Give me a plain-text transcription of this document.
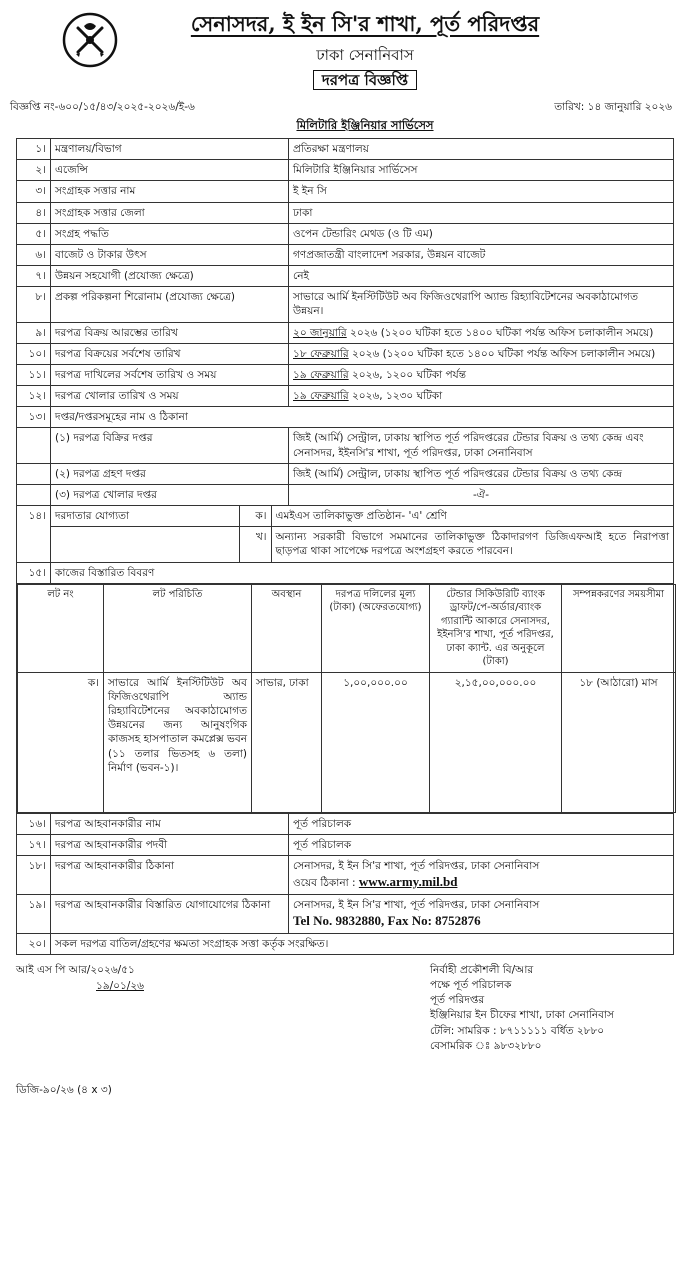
সেনাসদর, ই ইন সি'র শাখা, পূর্ত পরিদপ্তর
ঢাকা সেনানিবাস
দরপত্র বিজ্ঞপ্তি
বিজ্ঞপ্তি নং-৬০০/১৫/৪৩/২০২৫-২০২৬/ই-৬	তারিখ: ১৪ জানুয়ারি ২০২৬
মিলিটারি ইঞ্জিনিয়ার সার্ভিসেস
১।	মন্ত্রণালয়/বিভাগ	প্রতিরক্ষা মন্ত্রণালয়
২।	এজেন্সি	মিলিটারি ইঞ্জিনিয়ার সার্ভিসেস
৩।	সংগ্রাহক সত্তার নাম	ই ইন সি
৪।	সংগ্রাহক সত্তার জেলা	ঢাকা
৫।	সংগ্রহ পদ্ধতি	ওপেন টেন্ডারিং মেথড (ও টি এম)
৬।	বাজেট ও টাকার উৎস	গণপ্রজাতন্ত্রী বাংলাদেশ সরকার, উন্নয়ন বাজেট
৭।	উন্নয়ন সহযোগী (প্রযোজ্য ক্ষেত্রে)	নেই
৮।	প্রকল্প পরিকল্পনা শিরোনাম (প্রযোজ্য ক্ষেত্রে)	সাভারে আর্মি ইনস্টিটিউট অব ফিজিওথেরাপি অ্যান্ড রিহ্যাবিটেশনের অবকাঠামোগত উন্নয়ন।
৯।	দরপত্র বিক্রয় আরম্ভের তারিখ	২০ জানুয়ারি ২০২৬ (১২০০ ঘটিকা হতে ১৪০০ ঘটিকা পর্যন্ত অফিস চলাকালীন সময়ে)
১০।	দরপত্র বিক্রয়ের সর্বশেষ তারিখ	১৮ ফেব্রুয়ারি ২০২৬ (১২০০ ঘটিকা হতে ১৪০০ ঘটিকা পর্যন্ত অফিস চলাকালীন সময়ে)
১১।	দরপত্র দাখিলের সর্বশেষ তারিখ ও সময়	১৯ ফেব্রুয়ারি ২০২৬, ১২০০ ঘটিকা পর্যন্ত
১২।	দরপত্র খোলার তারিখ ও সময়	১৯ ফেব্রুয়ারি ২০২৬, ১২৩০ ঘটিকা
১৩।	দপ্তর/দপ্তরসমূহের নাম ও ঠিকানা
	(১) দরপত্র বিক্রির দপ্তর	জিই (আর্মি) সেন্ট্রাল, ঢাকায় স্থাপিত পূর্ত পরিদপ্তরের টেন্ডার বিক্রয় ও তথ্য কেন্দ্র এবং সেনাসদর, ইইনসি'র শাখা, পূর্ত পরিদপ্তর, ঢাকা সেনানিবাস
	(২) দরপত্র গ্রহণ দপ্তর	জিই (আর্মি) সেন্ট্রাল, ঢাকায় স্থাপিত পূর্ত পরিদপ্তরের টেন্ডার বিক্রয় ও তথ্য কেন্দ্র
	(৩) দরপত্র খোলার দপ্তর	-ঐ-
১৪।	দরদাতার যোগ্যতা	ক।	এমইএস তালিকাভুক্ত প্রতিষ্ঠান- 'এ' শ্রেণি

	খ।	অন্যান্য সরকারী বিভাগে সমমানের তালিকাভুক্ত ঠিকাদারগণ ডিজিএফআই হতে নিরাপত্তা ছাড়পত্র থাকা সাপেক্ষে দরপত্রে অংশগ্রহণ করতে পারবেন।

১৫।	কাজের বিস্তারিত বিবরণ

লট নং	লট পরিচিতি	অবস্থান	দরপত্র দলিলের মূল্য (টাকা) (অফেরতযোগ্য)	টেন্ডার সিকিউরিটি ব্যাংক ড্রাফট/পে-অর্ডার/ব্যাংক গ্যারান্টি আকারে সেনাসদর, ইইনসি'র শাখা, পূর্ত পরিদপ্তর, ঢাকা ক্যান্ট. এর অনুকূলে (টাকা)	সম্পন্নকরণের সময়সীমা
ক।	সাভারে আর্মি ইনস্টিটিউট অব ফিজিওথেরাপি অ্যান্ড রিহ্যাবিটেশনের অবকাঠামোগত উন্নয়নের জন্য আনুষংগিক কাজসহ হাসপাতাল কমপ্লেক্স ভবন (১১ তলার ভিতসহ ৬ তলা) নির্মাণ (ভবন-১)।	সাভার, ঢাকা	১,০০,০০০.০০	২,১৫,০০,০০০.০০	১৮ (আঠারো) মাস

১৬।	দরপত্র আহবানকারীর নাম	পূর্ত পরিচালক
১৭।	দরপত্র আহবানকারীর পদবী	পূর্ত পরিচালক
১৮।	দরপত্র আহবানকারীর ঠিকানা	সেনাসদর, ই ইন সি'র শাখা, পূর্ত পরিদপ্তর, ঢাকা সেনানিবাস
ওয়েব ঠিকানা : www.army.mil.bd

১৯।	দরপত্র আহবানকারীর বিস্তারিত যোগাযোগের ঠিকানা	সেনাসদর, ই ইন সি'র শাখা, পূর্ত পরিদপ্তর, ঢাকা সেনানিবাস
Tel No. 9832880, Fax No: 8752876

২০।	সকল দরপত্র বাতিল/গ্রহণের ক্ষমতা সংগ্রাহক সত্তা কর্তৃক সংরক্ষিত।
আই এস পি আর/২০২৬/৫১
১৯/০১/২৬
নির্বাহী প্রকৌশলী বি/আর
পক্ষে পূর্ত পরিচালক
পূর্ত পরিদপ্তর
ইঞ্জিনিয়ার ইন চীফের শাখা, ঢাকা সেনানিবাস
টেলি: সামরিক : ৮৭১১১১১ বর্ধিত ২৮৮০
বেসামরিক ঃ ৯৮৩২৮৮০
ডিজি-৯০/২৬ (৪ x ৩)
